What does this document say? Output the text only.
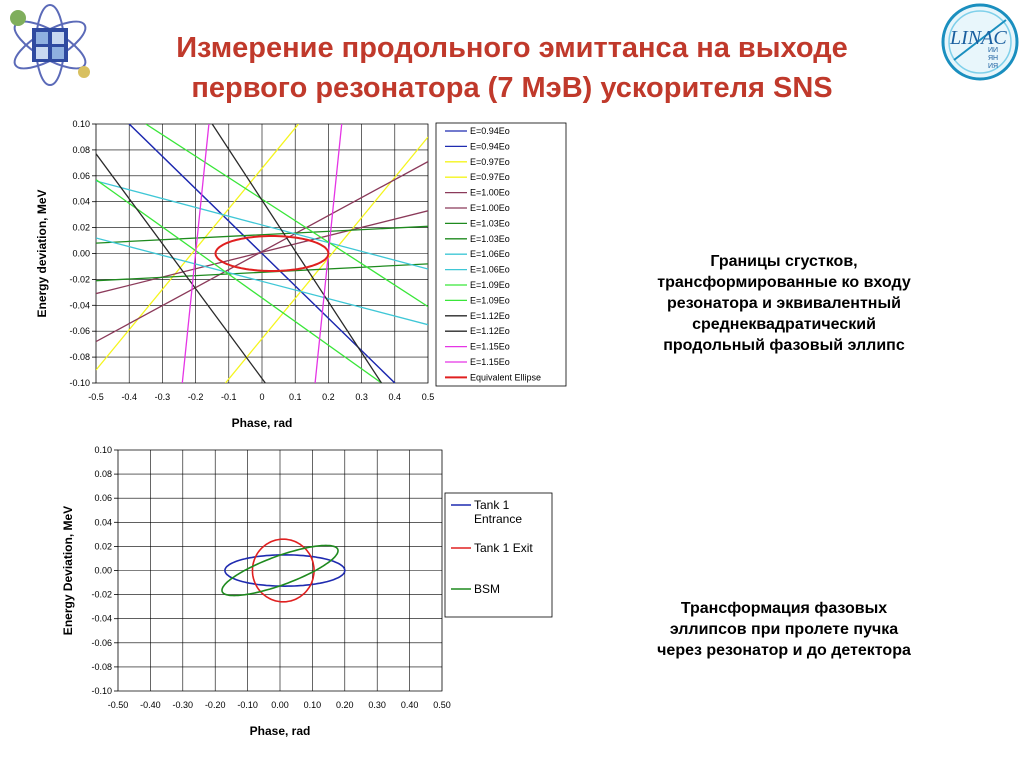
Измерение продольного эмиттанса на выходе
первого резонатора (7 МэВ) ускорителя SNS
LINAC
ИИ
ЯН
ИЯ
Границы сгустков,
трансформированные ко входу
резонатора и эквивалентный
среднеквадратический
продольный фазовый эллипс
Трансформация фазовых
эллипсов при пролете пучка
через резонатор и до детектора
-0.5 -0.4 -0.3 -0.2 -0.1	0	0.1 0.2 0.3 0.4 0.5
0.10
0.08
0.06
0.04
0.02
0.00
-0.02
-0.04
-0.06
-0.08
-0.10
Phase, rad
Energy deviation, MeV
E=0.94Eo
E=0.94Eo
E=0.97Eo
E=0.97Eo
E=1.00Eo
E=1.00Eo
E=1.03Eo
E=1.03Eo
E=1.06Eo
E=1.06Eo
E=1.09Eo
E=1.09Eo
E=1.12Eo
E=1.12Eo
E=1.15Eo
E=1.15Eo
Equivalent Ellipse
-0.50 -0.40 -0.30 -0.20 -0.10 0.00 0.10 0.20 0.30 0.40 0.50
0.10
0.08
0.06
0.04
0.02
0.00
-0.02
-0.04
-0.06
-0.08
-0.10
Phase, rad
Energy Deviation, MeV
Tank 1
Entrance
Tank 1 Exit
BSM
